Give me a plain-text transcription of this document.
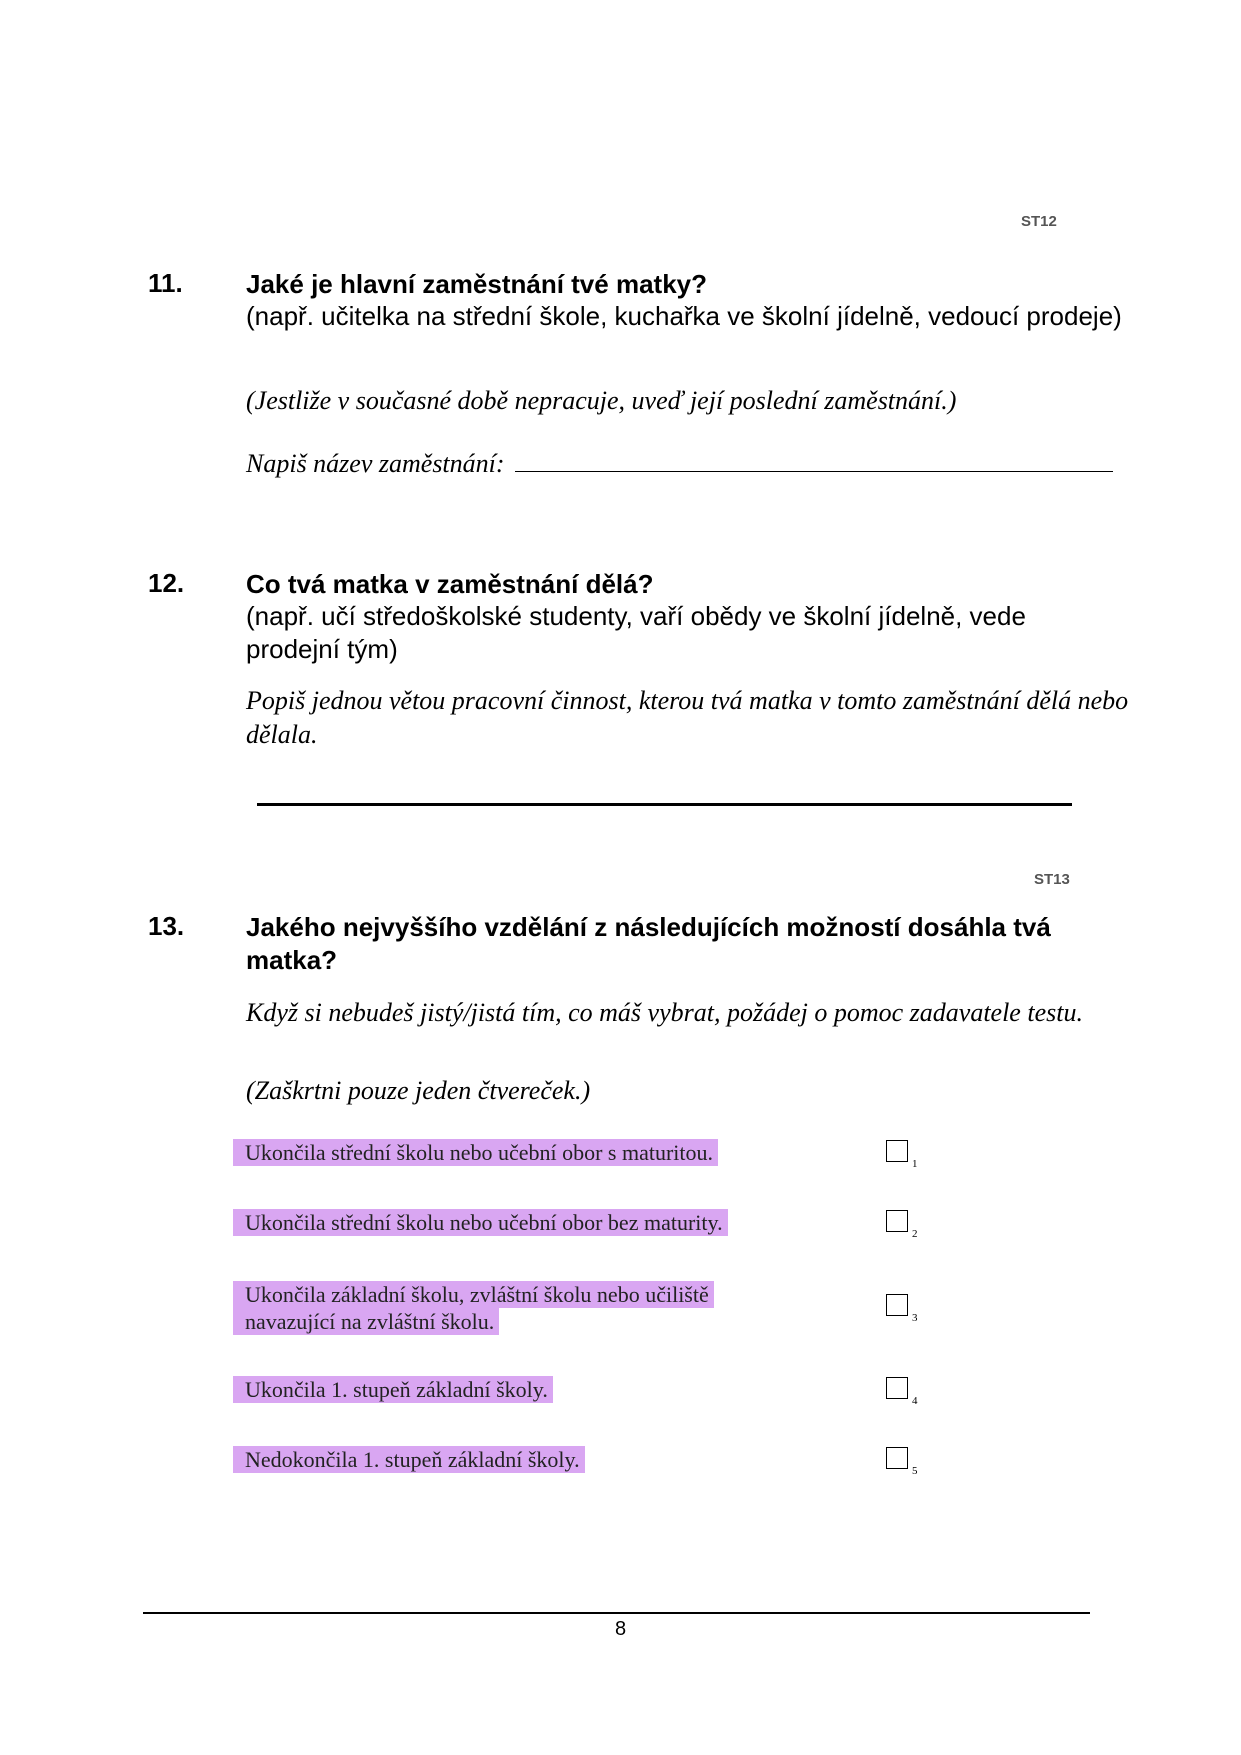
ST12
11. Jaké je hlavní zaměstnání tvé matky?
(např. učitelka na střední škole, kuchařka ve školní jídelně, vedoucí prodeje)
(Jestliže v současné době nepracuje, uveď její poslední zaměstnání.)
Napiš název zaměstnání:
12. Co tvá matka v zaměstnání dělá?
(např. učí středoškolské studenty, vaří obědy ve školní jídelně, vede prodejní tým)
Popiš jednou větou pracovní činnost, kterou tvá matka v tomto zaměstnání dělá nebo dělala.
ST13
13. Jakého nejvyššího vzdělání z následujících možností dosáhla tvá matka?
Když si nebudeš jistý/jistá tím, co máš vybrat, požádej o pomoc zadavatele testu.
(Zaškrtni pouze jeden čtvereček.)
Ukončila střední školu nebo učební obor s maturitou.	1
Ukončila střední školu nebo učební obor bez maturity.	2
Ukončila základní školu, zvláštní školu nebo učiliště
navazující na zvláštní školu.	3
Ukončila 1. stupeň základní školy.	4
Nedokončila 1. stupeň základní školy.	5
8
